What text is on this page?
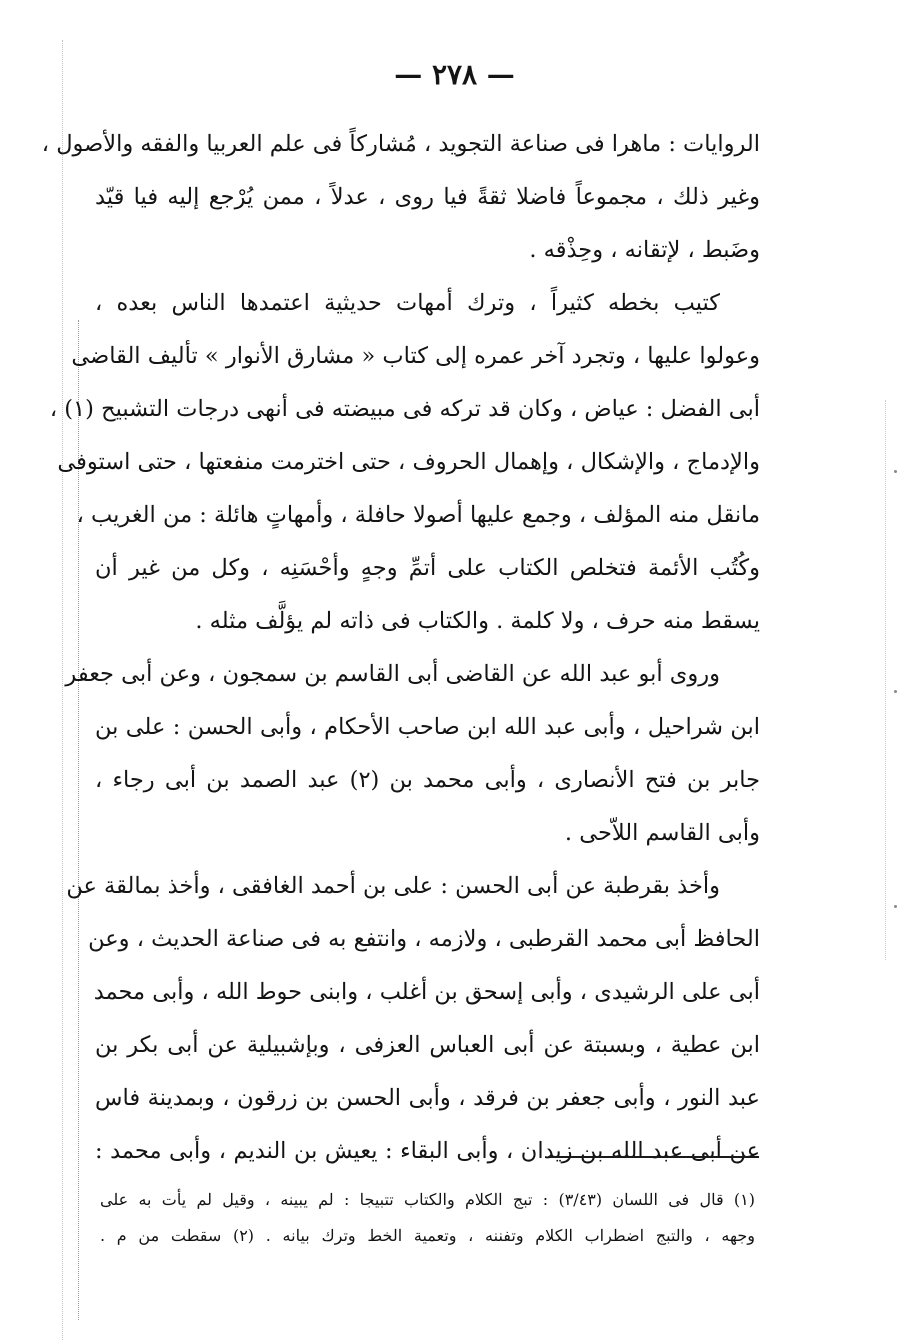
— ٢٧٨ —
الروايات : ماهرا فى صناعة التجويد ، مُشاركاً فى علم العربيا والفقه والأصول ،
وغير ذلك ، مجموعاً فاضلا ثقةً فيا روى ، عدلاً ، ممن يُرْجع إليه فيا قيّد
وضَبط ، لإتقانه ، وحِذْقه .
كتيب بخطه كثيراً ، وترك أمهات حديثية اعتمدها الناس بعده ،
وعولوا عليها ، وتجرد آخر عمره إلى كتاب « مشارق الأنوار » تأليف القاضى
أبى الفضل : عياض ، وكان قد تركه فى مبيضته فى أنهى درجات التشبيح (١) ،
والإدماج ، والإشكال ، وإهمال الحروف ، حتى اخترمت منفعتها ، حتى استوفى
مانقل منه المؤلف ، وجمع عليها أصولا حافلة ، وأمهاتٍ هائلة : من الغريب ،
وكُتُب الأئمة فتخلص الكتاب على أتمِّ وجهٍ وأحْسَنِه ، وكل من غير أن
يسقط منه حرف ، ولا كلمة . والكتاب فى ذاته لم يؤلَّف مثله .
وروى أبو عبد الله عن القاضى أبى القاسم بن سمجون ، وعن أبى جعفر
ابن شراحيل ، وأبى عبد الله ابن صاحب الأحكام ، وأبى الحسن : على بن
جابر بن فتح الأنصارى ، وأبى محمد بن (٢) عبد الصمد بن أبى رجاء ،
وأبى القاسم اللاّحى .
وأخذ بقرطبة عن أبى الحسن : على بن أحمد الغافقى ، وأخذ بمالقة عن
الحافظ أبى محمد القرطبى ، ولازمه ، وانتفع به فى صناعة الحديث ، وعن
أبى على الرشيدى ، وأبى إسحق بن أغلب ، وابنى حوط الله ، وأبى محمد
ابن عطية ، وبسبتة عن أبى العباس العزفى ، وبإشبيلية عن أبى بكر بن
عبد النور ، وأبى جعفر بن فرقد ، وأبى الحسن بن زرقون ، وبمدينة فاس
عن أبى عبد الله بن زيدان ، وأبى البقاء : يعيش بن النديم ، وأبى محمد :
(١) قال فى اللسان (٣/٤٣) : تبج الكلام والكتاب تتبيجا : لم يبينه ، وقيل لم يأت به على
وجهه ، والتبج اضطراب الكلام وتفننه ، وتعمية الخط وترك بيانه . (٢) سقطت من م .
